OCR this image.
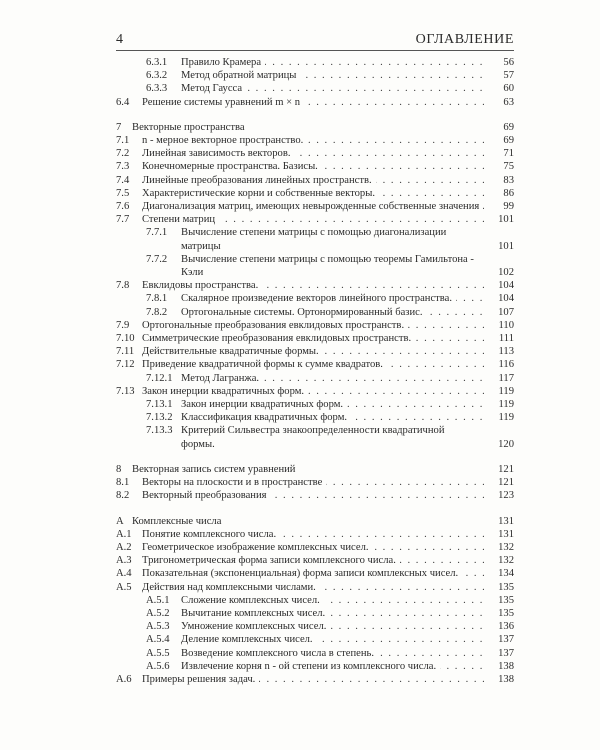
4	ОГЛАВЛЕНИЕ
6.3.1 . . . Правило Крамера	56
6.3.2 . . . Метод обратной матрицы	57
6.3.3 . . . Метод Гаусса	60
6.4 . . . Решение системы уравнений m × n	63
7 Векторные пространства	69
7.1 . . . n - мерное векторное пространство.	69
7.2 . . . Линейная зависимость векторов.	71
7.3 . . . Конечномерные пространства. Базисы.	75
7.4 . . . Линейные преобразования линейных пространств.	83
7.5 . . . Характеристические корни и собственные векторы.	86
7.6 . . . Диагонализация матриц, имеющих невырожденные собственные значения	99
7.7 . . . Степени матриц	101
7.7.1 . . . Вычисление степени матрицы с помощью диагонализации матрицы	101
7.7.2 . . . Вычисление степени матрицы с помощью теоремы Гамильтона - Кэли	102
7.8 . . . Евклидовы пространства.	104
7.8.1 . . . Скалярное произведение векторов линейного пространства.	104
7.8.2 . . . Ортогональные системы. Ортонормированный базис.	107
7.9 . . . Ортогональные преобразования евклидовых пространств.	110
7.10 . . . Симметрические преобразования евклидовых пространств.	111
7.11 . . . Действительные квадратичные формы.	113
7.12 . . . Приведение квадратичной формы к сумме квадратов.	116
7.12.1 . . . Метод Лагранжа.	117
7.13 . . . Закон инерции квадратичных форм.	119
7.13.1 . . . Закон инерции квадратичных форм.	119
7.13.2 . . . Классификация квадратичных форм.	119
7.13.3 . . . Критерий Сильвестра знакоопределенности квадратичной формы.	120
8 Векторная запись систем уравнений	121
8.1 . . . Векторы на плоскости и в пространстве	121
8.2 . . . Векторный преобразования	123
A Комплексные числа	131
A.1 . . . Понятие комплексного числа.	131
A.2 . . . Геометрическое изображение комплексных чисел.	132
A.3 . . . Тригонометрическая форма записи комплексного числа.	132
A.4 . . . Показательная (экспоненциальная) форма записи комплексных чисел.	134
A.5 . . . Действия над комплексными числами.	135
A.5.1 . . . Сложение комплексных чисел.	135
A.5.2 . . . Вычитание комплексных чисел.	135
A.5.3 . . . Умножение комплексных чисел.	136
A.5.4 . . . Деление комплексных чисел.	137
A.5.5 . . . Возведение комплексного числа в степень.	137
A.5.6 . . . Извлечение корня n - ой степени из комплексного числа.	138
A.6 . . . Примеры решения задач.	138
